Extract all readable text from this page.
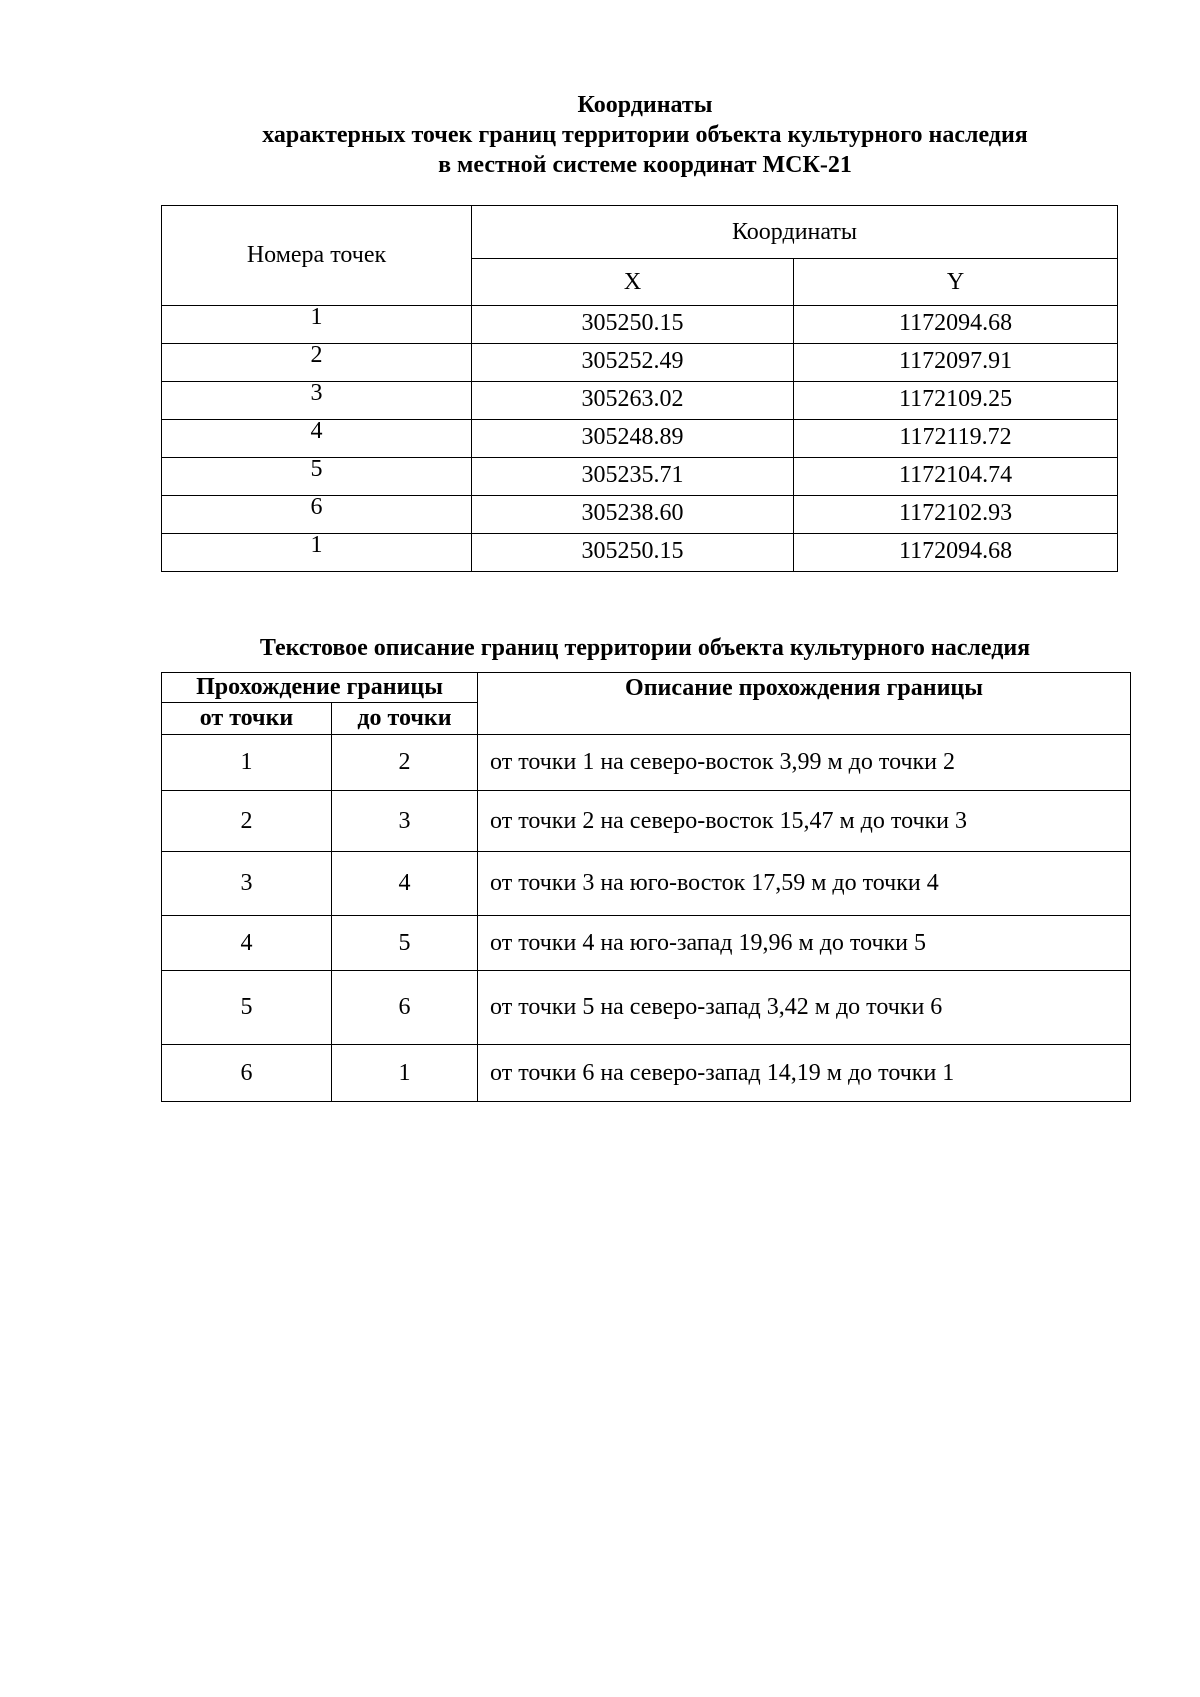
Координаты
характерных точек границ территории объекта культурного наследия
в местной системе координат МСК-21
Номера точек	Координаты	
	X	Y
1	305250.15	1172094.68
2	305252.49	1172097.91
3	305263.02	1172109.25
4	305248.89	1172119.72
5	305235.71	1172104.74
6	305238.60	1172102.93
1	305250.15	1172094.68
Текстовое описание границ территории объекта культурного наследия
Прохождение границы		Описание прохождения границы
от точки	до точки	
1	2	от точки 1 на северо-восток 3,99 м до точки 2
2	3	от точки 2 на северо-восток 15,47 м до точки 3
3	4	от точки 3 на юго-восток 17,59 м до точки 4
4	5	от точки 4 на юго-запад 19,96 м до точки 5
5	6	от точки 5 на северо-запад 3,42 м до точки 6
6	1	от точки 6 на северо-запад 14,19 м до точки 1
